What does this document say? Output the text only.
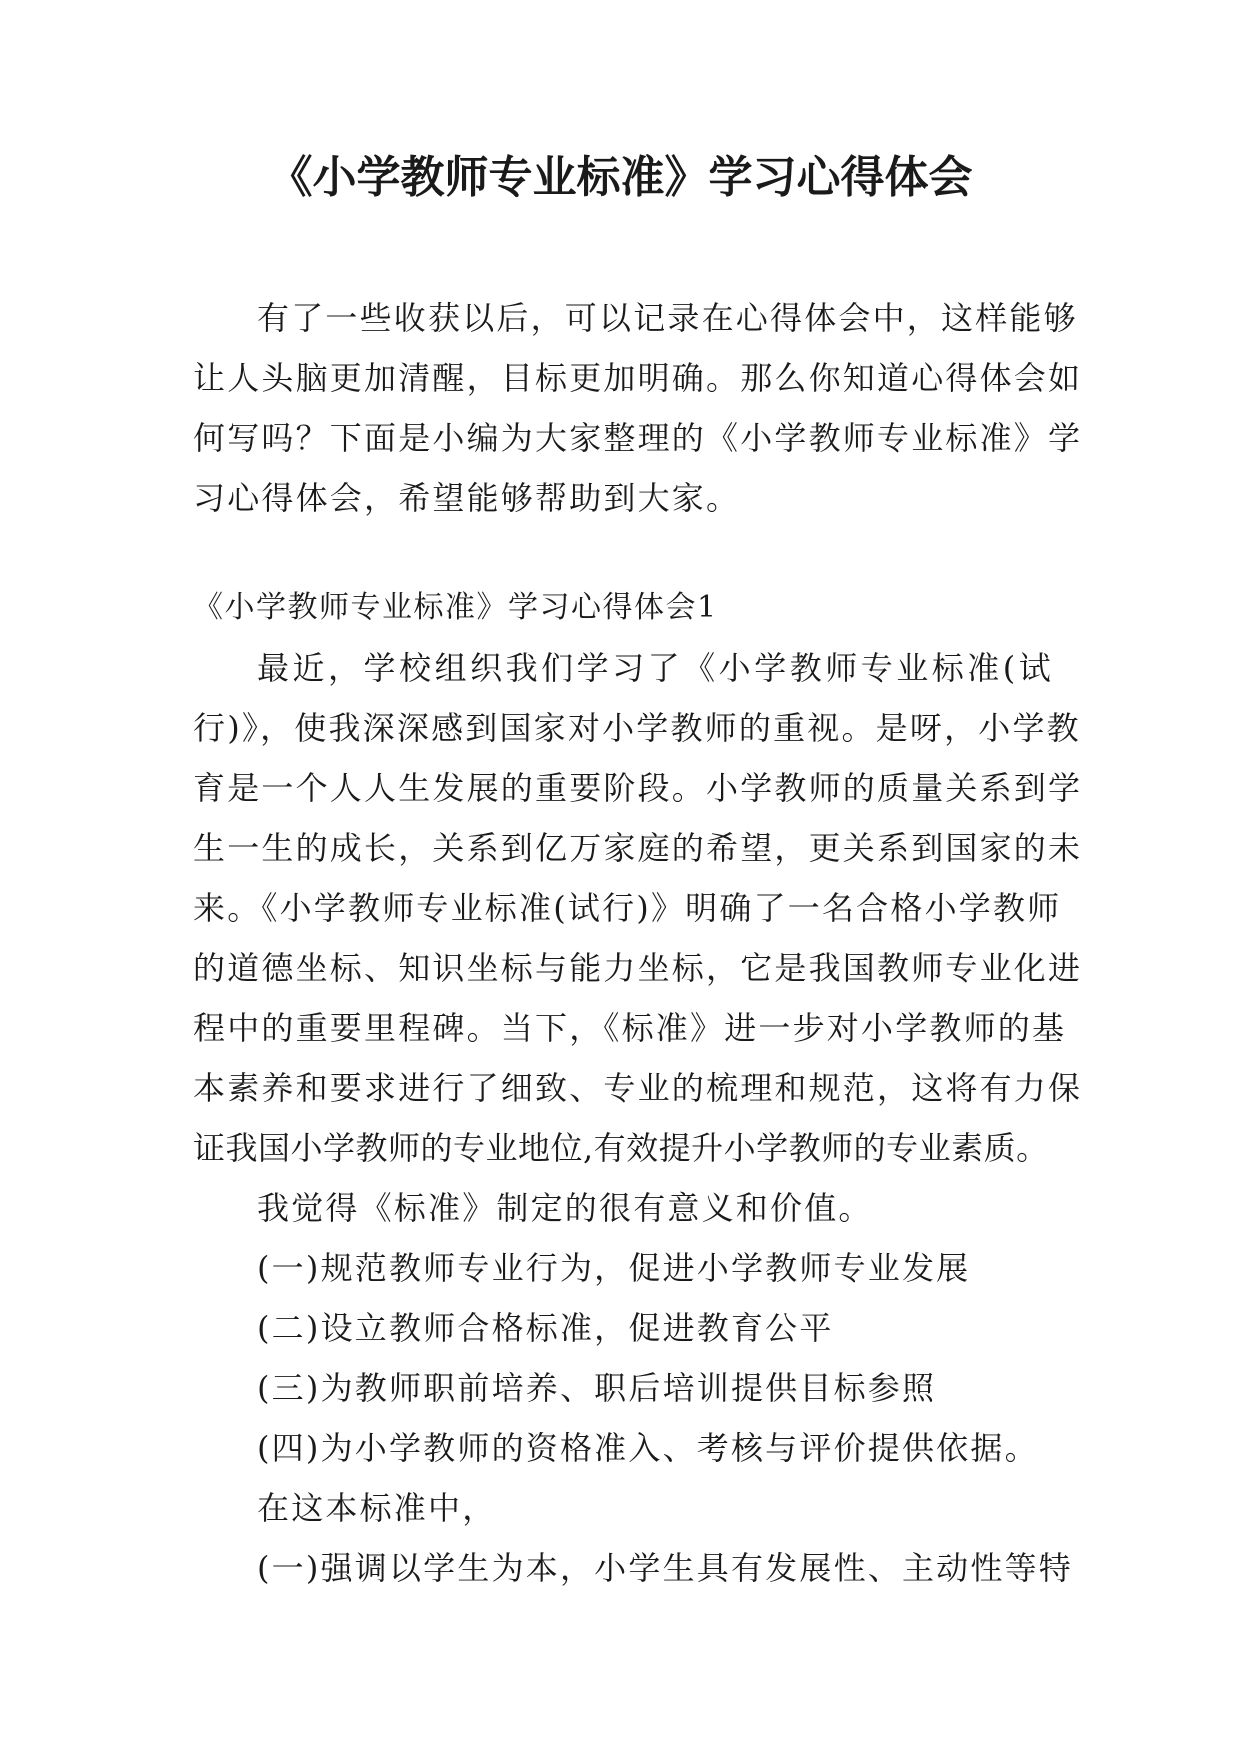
《小学教师专业标准》学习心得体会
有了一些收获以后，可以记录在心得体会中，这样能够
让人头脑更加清醒，目标更加明确。那么你知道心得体会如
何写吗？下面是小编为大家整理的《小学教师专业标准》学
习心得体会，希望能够帮助到大家。
《小学教师专业标准》学习心得体会1
最近，学校组织我们学习了《小学教师专业标准(试
行)》，使我深深感到国家对小学教师的重视。是呀，小学教
育是一个人人生发展的重要阶段。小学教师的质量关系到学
生一生的成长，关系到亿万家庭的希望，更关系到国家的未
来。《小学教师专业标准(试行)》明确了一名合格小学教师
的道德坐标、知识坐标与能力坐标，它是我国教师专业化进
程中的重要里程碑。当下，《标准》进一步对小学教师的基
本素养和要求进行了细致、专业的梳理和规范，这将有力保
证我国小学教师的专业地位,有效提升小学教师的专业素质。
我觉得《标准》制定的很有意义和价值。
(一)规范教师专业行为，促进小学教师专业发展
(二)设立教师合格标准，促进教育公平
(三)为教师职前培养、职后培训提供目标参照
(四)为小学教师的资格准入、考核与评价提供依据。
在这本标准中，
(一)强调以学生为本，小学生具有发展性、主动性等特
